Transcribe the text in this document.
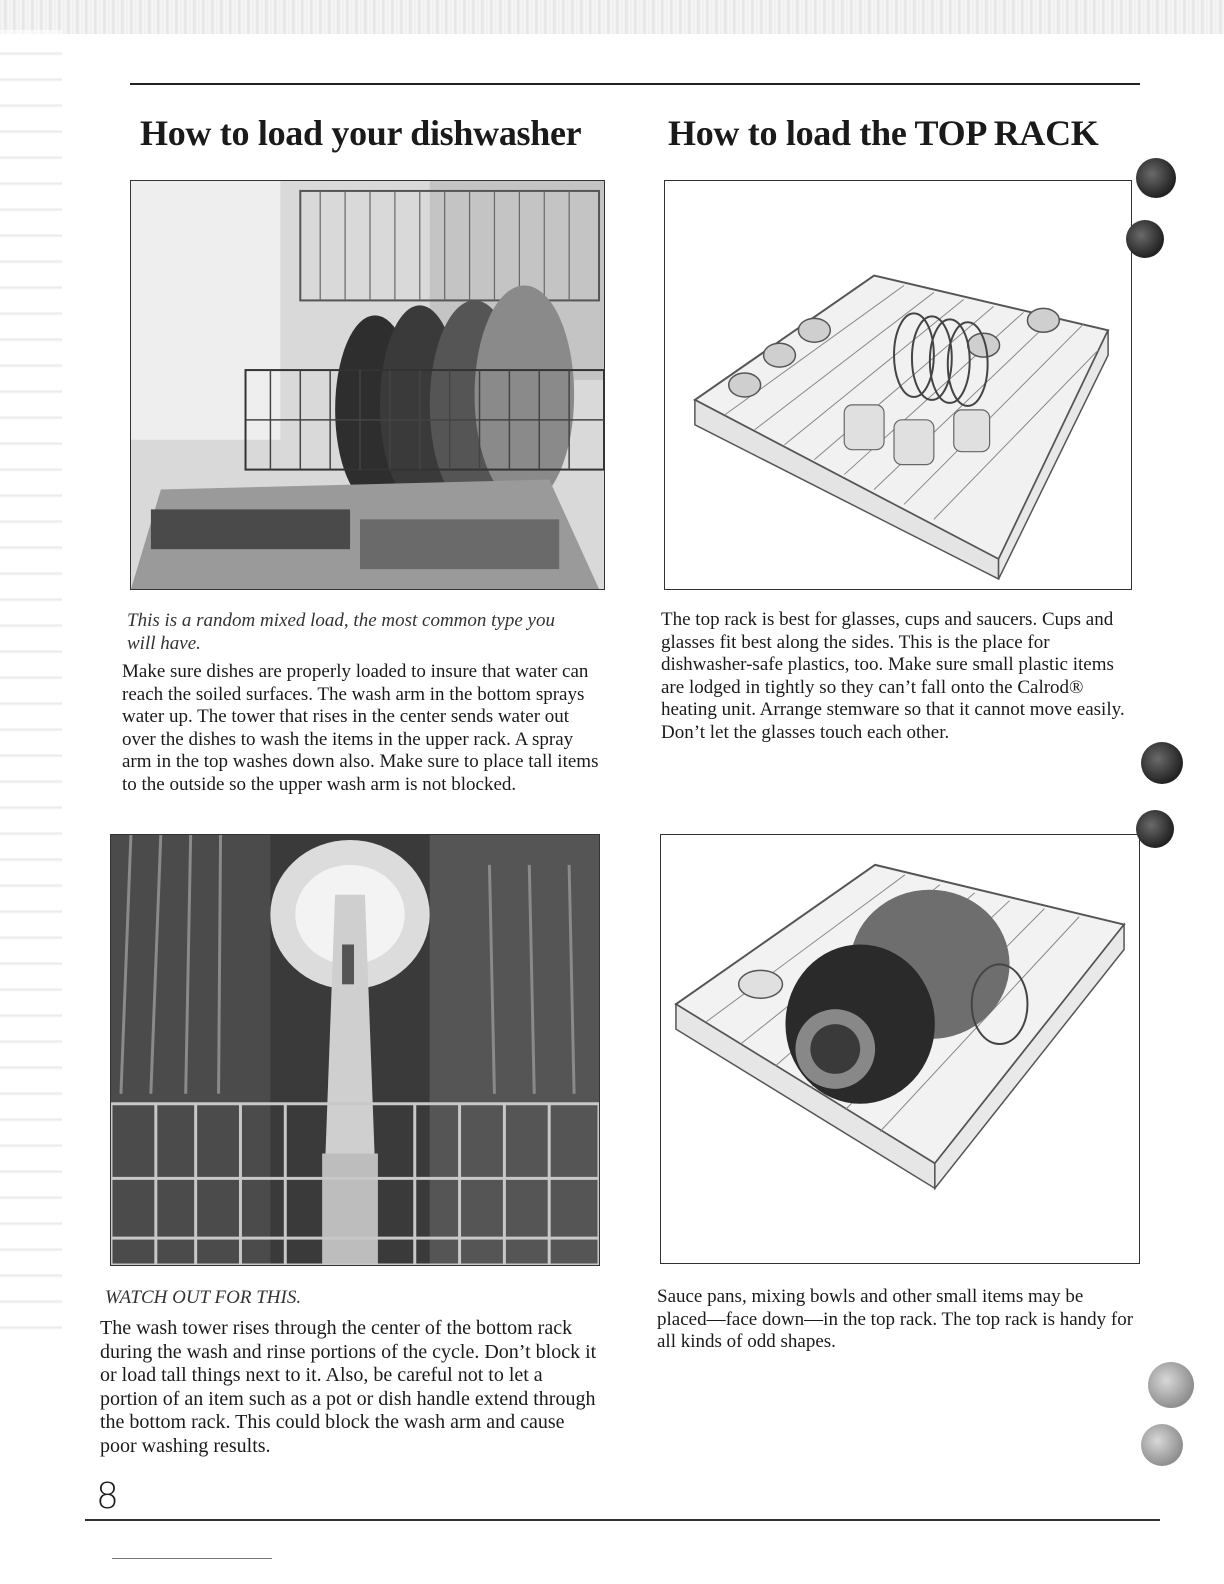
How to load your dishwasher How to load the TOP RACK

This is a random mixed load, the most common type you will have.

Make sure dishes are properly loaded to insure that water can reach the soiled surfaces. The wash arm in the bottom sprays water up. The tower that rises in the center sends water out over the dishes to wash the items in the upper rack. A spray arm in the top washes down also. Make sure to place tall items to the outside so the upper wash arm is not blocked.

The top rack is best for glasses, cups and saucers. Cups and glasses fit best along the sides. This is the place for dishwasher-safe plastics, too. Make sure small plastic items are lodged in tightly so they can’t fall onto the Calrod® heating unit. Arrange stemware so that it cannot move easily. Don’t let the glasses touch each other.

WATCH OUT FOR THIS.

The wash tower rises through the center of the bottom rack during the wash and rinse portions of the cycle. Don’t block it or load tall things next to it. Also, be careful not to let a portion of an item such as a pot or dish handle extend through the bottom rack. This could block the wash arm and cause poor washing results.

Sauce pans, mixing bowls and other small items may be placed—face down—in the top rack. The top rack is handy for all kinds of odd shapes.

8
